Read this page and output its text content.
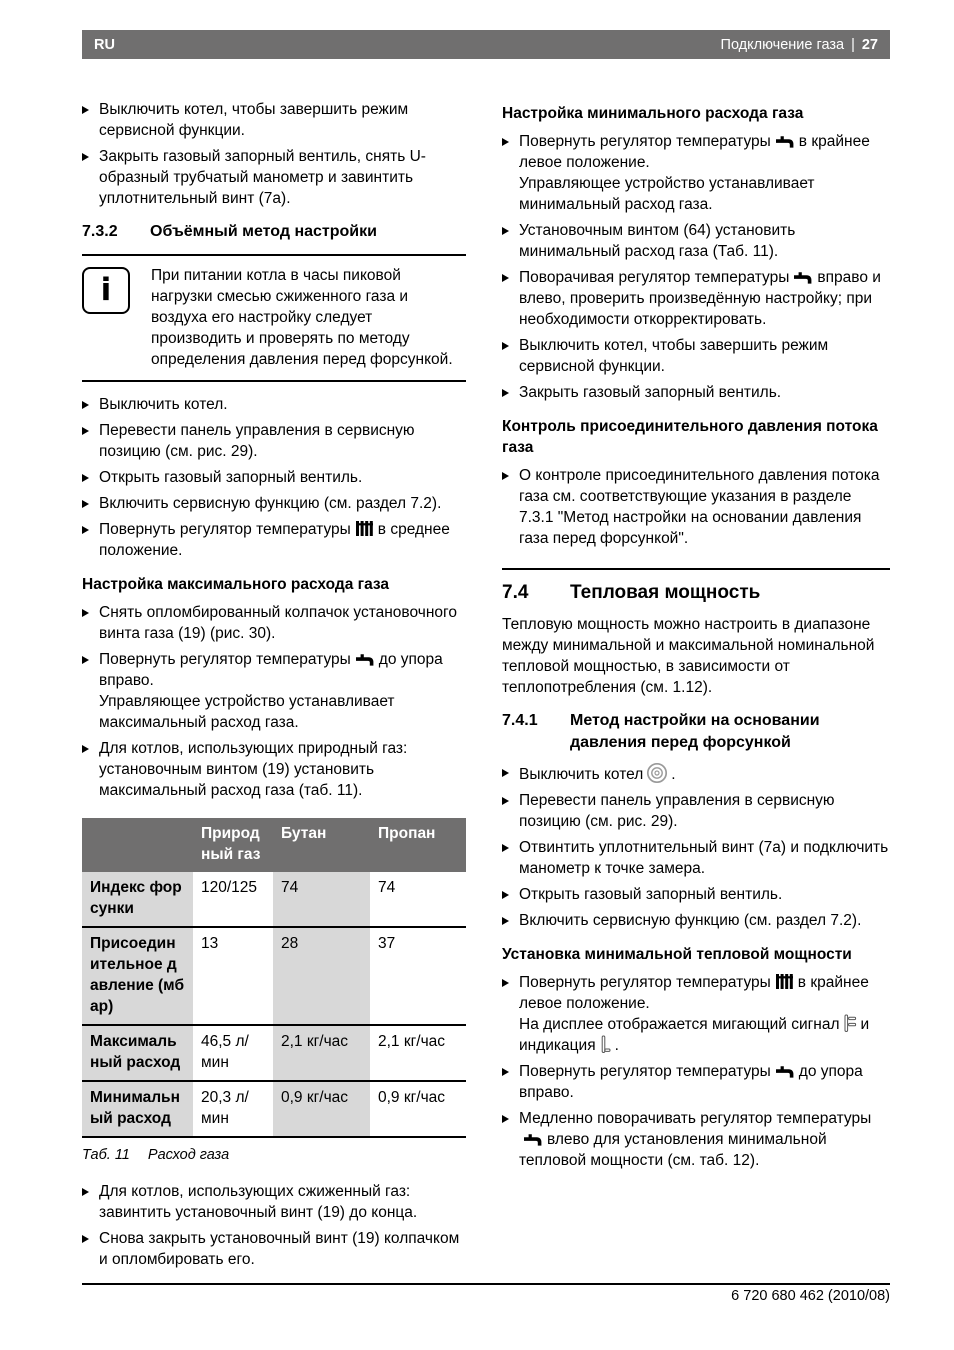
RU	Подключение газа | 27
Выключить котел, чтобы завершить режим сервисной функции.
Закрыть газовый запорный вентиль, снять U-образный трубчатый манометр и завинтить уплотнительный винт (7а).
7.3.2	Объёмный метод настройки
i	При питании котла в часы пиковой нагрузки смесью сжиженного газа и воздуха его настройку следует производить и проверять по методу определения давления перед форсункой.
Выключить котел.
Перевести панель управления в сервисную позицию (см. рис. 29).
Открыть газовый запорный вентиль.
Включить сервисную функцию (см. раздел 7.2).
Повернуть регулятор температуры в среднее положение.
Настройка максимального расхода газа
Снять опломбированный колпачок установочного винта газа (19) (рис. 30).
Повернуть регулятор температуры до упора вправо.
Управляющее устройство устанавливает максимальный расход газа.
Для котлов, использующих природный газ: установочным винтом (19) установить максимальный расход газа (таб. 11).
	Природный газ	Бутан	Пропан
Индекс форсунки	120/125	74	74
Присоединительное давление (мбар)	13	28	37
Максимальный расход	46,5 л/мин	2,1 кг/час	2,1 кг/час
Минимальный расход	20,3 л/мин	0,9 кг/час	0,9 кг/час
Таб. 11 Расход газа
Для котлов, использующих сжиженный газ: завинтить установочный винт (19) до конца.
Снова закрыть установочный винт (19) колпачком и опломбировать его.
Настройка минимального расхода газа
Повернуть регулятор температуры в крайнее левое положение.
Управляющее устройство устанавливает минимальный расход газа.
Установочным винтом (64) установить минимальный расход газа (Таб. 11).
Поворачивая регулятор температуры вправо и влево, проверить произведённую настройку; при необходимости откорректировать.
Выключить котел, чтобы завершить режим сервисной функции.
Закрыть газовый запорный вентиль.
Контроль присоединительного давления потока газа
О контроле присоединительного давления потока газа см. соответствующие указания в разделе 7.3.1 "Метод настройки на основании давления газа перед форсункой".
7.4	Тепловая мощность

Тепловую мощность можно настроить в диапазоне между минимальной и максимальной номинальной тепловой мощностью, в зависимости от теплопотребления (см. 1.12).

7.4.1	Метод настройки на основании давления перед форсункой
Выключить котел .
Перевести панель управления в сервисную позицию (см. рис. 29).
Отвинтить уплотнительный винт (7а) и подключить манометр к точке замера.
Открыть газовый запорный вентиль.
Включить сервисную функцию (см. раздел 7.2).
Установка минимальной тепловой мощности
Повернуть регулятор температуры в крайнее левое положение.
На дисплее отображается мигающий сигнал и индикация .
Повернуть регулятор температуры до упора вправо.
Медленно поворачивать регулятор температурывлево для установления минимальной тепловой мощности (см. таб. 12).
6 720 680 462 (2010/08)
